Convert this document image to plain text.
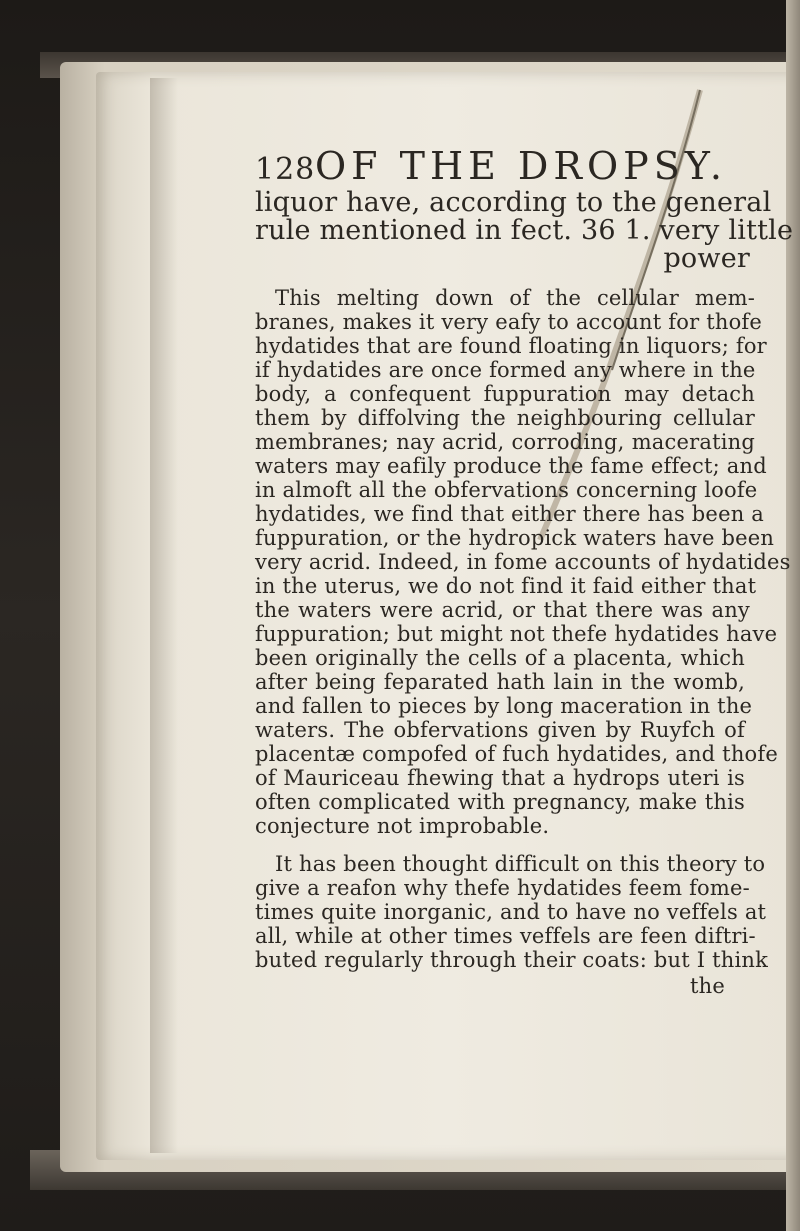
128 OF THE DROPSY.
liquor have, according to the general
rule mentioned in fect. 36 1. very little
power
This melting down of the cellular mem-
branes, makes it very eafy to account for thofe
hydatides that are found floating in liquors; for
if hydatides are once formed any where in the
body, a confequent fuppuration may detach
them by diffolving the neighbouring cellular
membranes; nay acrid, corroding, macerating
waters may eafily produce the fame effect; and
in almoft all the obfervations concerning loofe
hydatides, we find that either there has been a
fuppuration, or the hydropick waters have been
very acrid. Indeed, in fome accounts of hydatides
in the uterus, we do not find it faid either that
the waters were acrid, or that there was any
fuppuration; but might not thefe hydatides have
been originally the cells of a placenta, which
after being feparated hath lain in the womb,
and fallen to pieces by long maceration in the
waters. The obfervations given by Ruyfch of
placentæ compofed of fuch hydatides, and thofe
of Mauriceau fhewing that a hydrops uteri is
often complicated with pregnancy, make this
conjecture not improbable.
It has been thought difficult on this theory to
give a reafon why thefe hydatides feem fome-
times quite inorganic, and to have no veffels at
all, while at other times veffels are feen diftri-
buted regularly through their coats: but I think
the
